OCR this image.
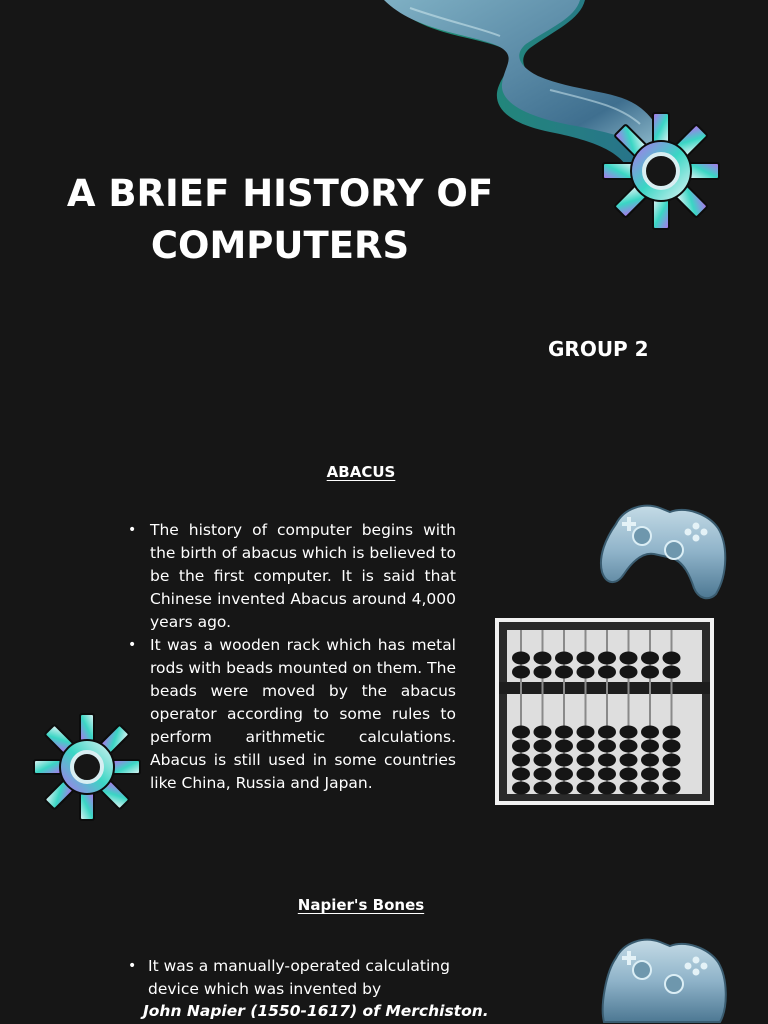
A BRIEF HISTORY OF
COMPUTERS

GROUP 2

ABACUS
• The history of computer begins with the birth of abacus which is believed to be the first computer. It is said that Chinese invented Abacus around 4,000 years ago.
• It was a wooden rack which has metal rods with beads mounted on them. The beads were moved by the abacus operator according to some rules to perform arithmetic calculations. Abacus is still used in some countries like China, Russia and Japan.
Napier's Bones
• It was a manually-operated calculating device which was invented by

John Napier (1550-1617) of Merchiston.
